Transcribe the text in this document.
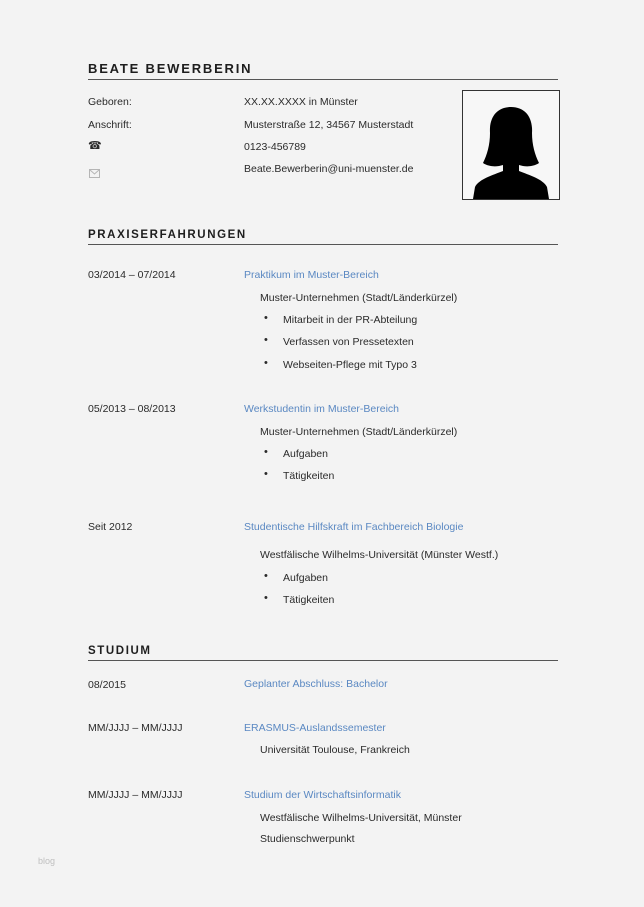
BEATE BEWERBERIN
Geboren:	XX.XX.XXXX in Münster
Anschrift:	Musterstraße 12, 34567 Musterstadt
☎	0123-456789
Beate.Bewerberin@uni-muenster.de
PRAXISERFAHRUNGEN
03/2014 – 07/2014	Praktikum im Muster-Bereich
Muster-Unternehmen (Stadt/Länderkürzel)
• Mitarbeit in der PR-Abteilung
• Verfassen von Pressetexten
• Webseiten-Pflege mit Typo 3
05/2013 – 08/2013	Werkstudentin im Muster-Bereich
Muster-Unternehmen (Stadt/Länderkürzel)
• Aufgaben
• Tätigkeiten
Seit 2012	Studentische Hilfskraft im Fachbereich Biologie
Westfälische Wilhelms-Universität (Münster Westf.)
• Aufgaben
• Tätigkeiten
STUDIUM
08/2015	Geplanter Abschluss: Bachelor
MM/JJJJ – MM/JJJJ	ERASMUS-Auslandssemester
Universität Toulouse, Frankreich
MM/JJJJ – MM/JJJJ	Studium der Wirtschaftsinformatik
Westfälische Wilhelms-Universität, Münster
Studienschwerpunkt
blog
